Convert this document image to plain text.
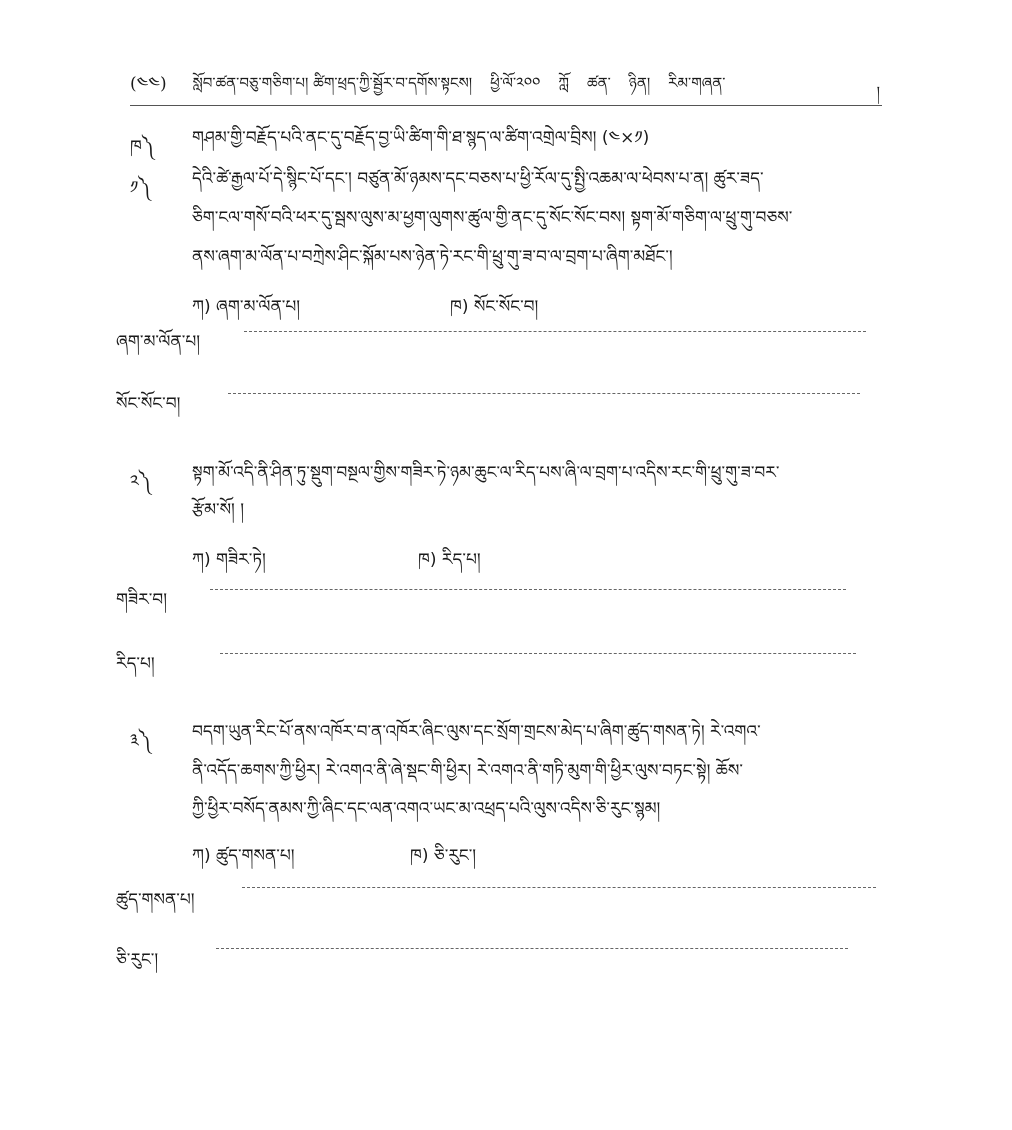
(༤༤) སློབ་ཚན་བཅུ་གཅིག་པ། ཚིག་ཕྲད་ཀྱི་སྦྱོར་བ་དགོས་སྟངས། ཕྱི་ལོ་༢༠༠ ཀློ ཚན་ ཉིན། རིམ་གཞན་	།
ཁ༽ གཤམ་གྱི་བརྗོད་པའི་ནང་དུ་བརྗོད་བྱ་ཡི་ཚིག་གི་ཐ་སྙད་ལ་ཚིག་འགྲེལ་བྲིས། (༤×༡)
༡༽ དེའི་ཚེ་རྒྱལ་པོ་དེ་སྙིང་པོ་དང་། བཙུན་མོ་ཉམས་དང་བཅས་པ་ཕྱི་རོལ་དུ་སྤྱི་འཆམ་ལ་ཕེབས་པ་ན། ཚུར་ཟད་
ཅིག་ངལ་གསོ་བའི་ཕར་དུ་སྦས་ལུས་མ་ཕྱག་ལུགས་ཚུལ་གྱི་ནང་དུ་སོང་སོང་བས། སྟག་མོ་གཅིག་ལ་ཕྲུ་གུ་བཅས་
ནས་ཞག་མ་ལོན་པ་བཀྲེས་ཤིང་སྐོམ་པས་ཉེན་ཏེ་རང་གི་ཕྲུ་གུ་ཟ་བ་ལ་བྲག་པ་ཞིག་མཐོང་།
ཀ) ཞག་མ་ལོན་པ།	ཁ) སོང་སོང་བ།
ཞག་མ་ལོན་པ།
སོང་སོང་བ།
༢༽ སྟག་མོ་འདི་ནི་ཤིན་ཏུ་སྡུག་བསྔལ་གྱིས་གཟིར་ཏེ་ཉམ་ཆུང་ལ་རིད་པས་ཞི་ལ་བྲག་པ་འདིས་རང་གི་ཕྲུ་གུ་ཟ་བར་
རྩོམ་སོ། །
ཀ) གཟིར་ཏེ།	ཁ) རིད་པ།
གཟིར་བ།
རིད་པ།
༣༽ བདག་ཡུན་རིང་པོ་ནས་འཁོར་བ་ན་འཁོར་ཞིང་ལུས་དང་སྲོག་གྲངས་མེད་པ་ཞིག་ཚུད་གསན་ཏེ། རེ་འགའ་
ནི་འདོད་ཆགས་ཀྱི་ཕྱིར། རེ་འགའ་ནི་ཞེ་སྡང་གི་ཕྱིར། རེ་འགའ་ནི་གཏི་མུག་གི་ཕྱིར་ལུས་བཏང་སྟེ། ཆོས་
ཀྱི་ཕྱིར་བསོད་ནམས་ཀྱི་ཞིང་དང་ལན་འགའ་ཡང་མ་འཕྲད་པའི་ལུས་འདིས་ཅི་རུང་སྙམ།
ཀ) ཚུད་གསན་པ།	ཁ) ཅི་རུང་།
ཚུད་གསན་པ།
ཅི་རུང་།
